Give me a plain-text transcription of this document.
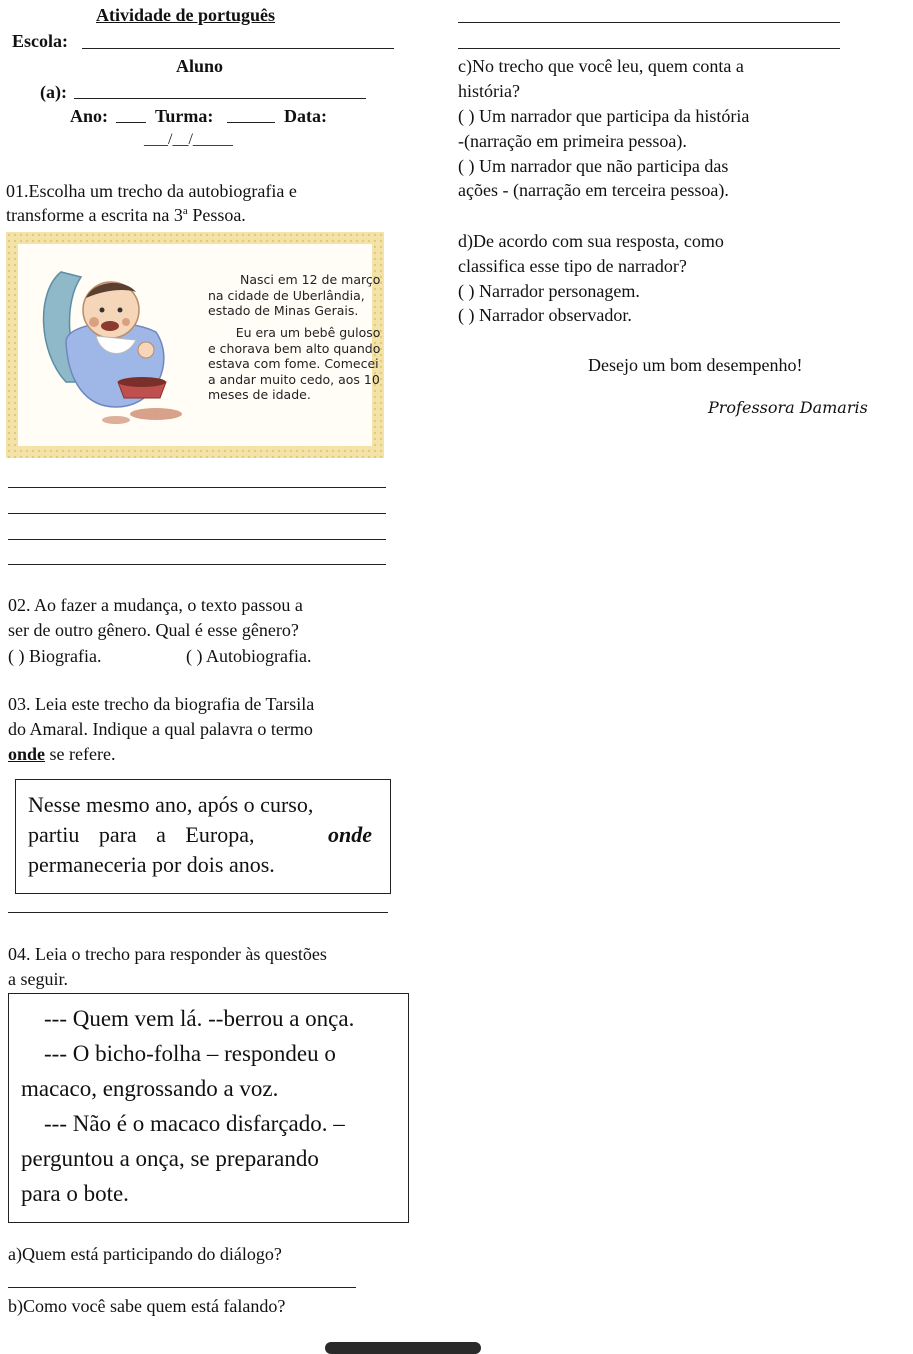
Atividade de português
Escola:
Aluno
(a):
Ano:	Turma:	Data:
___/__/_____
01.Escolha um trecho da autobiografia e
transforme a escrita na 3$^a$ Pessoa.
Nasci em 12 de março
na cidade de Uberlândia,
estado de Minas Gerais.
Eu era um bebê guloso
e chorava bem alto quando
estava com fome. Comecei
a andar muito cedo, aos 10
meses de idade.
02. Ao fazer a mudança, o texto passou a
ser de outro gênero. Qual é esse gênero?
( ) Biografia.	( ) Autobiografia.
03. Leia este trecho da biografia de Tarsila
do Amaral. Indique a qual palavra o termo
onde se refere.
Nesse mesmo ano, após o curso,
partiu para a Europa,	onde
permaneceria por dois anos.
04. Leia o trecho para responder às questões
a seguir.
--- Quem vem lá. --berrou a onça.
--- O bicho-folha – respondeu o
macaco, engrossando a voz.
--- Não é o macaco disfarçado. –
perguntou a onça, se preparando
para o bote.
a)Quem está participando do diálogo?
b)Como você sabe quem está falando?
c)No trecho que você leu, quem conta a
história?
( ) Um narrador que participa da história
-(narração em primeira pessoa).
( ) Um narrador que não participa das
ações - (narração em terceira pessoa).
d)De acordo com sua resposta, como
classifica esse tipo de narrador?
( ) Narrador personagem.
( ) Narrador observador.
Desejo um bom desempenho!
Professora Damaris
